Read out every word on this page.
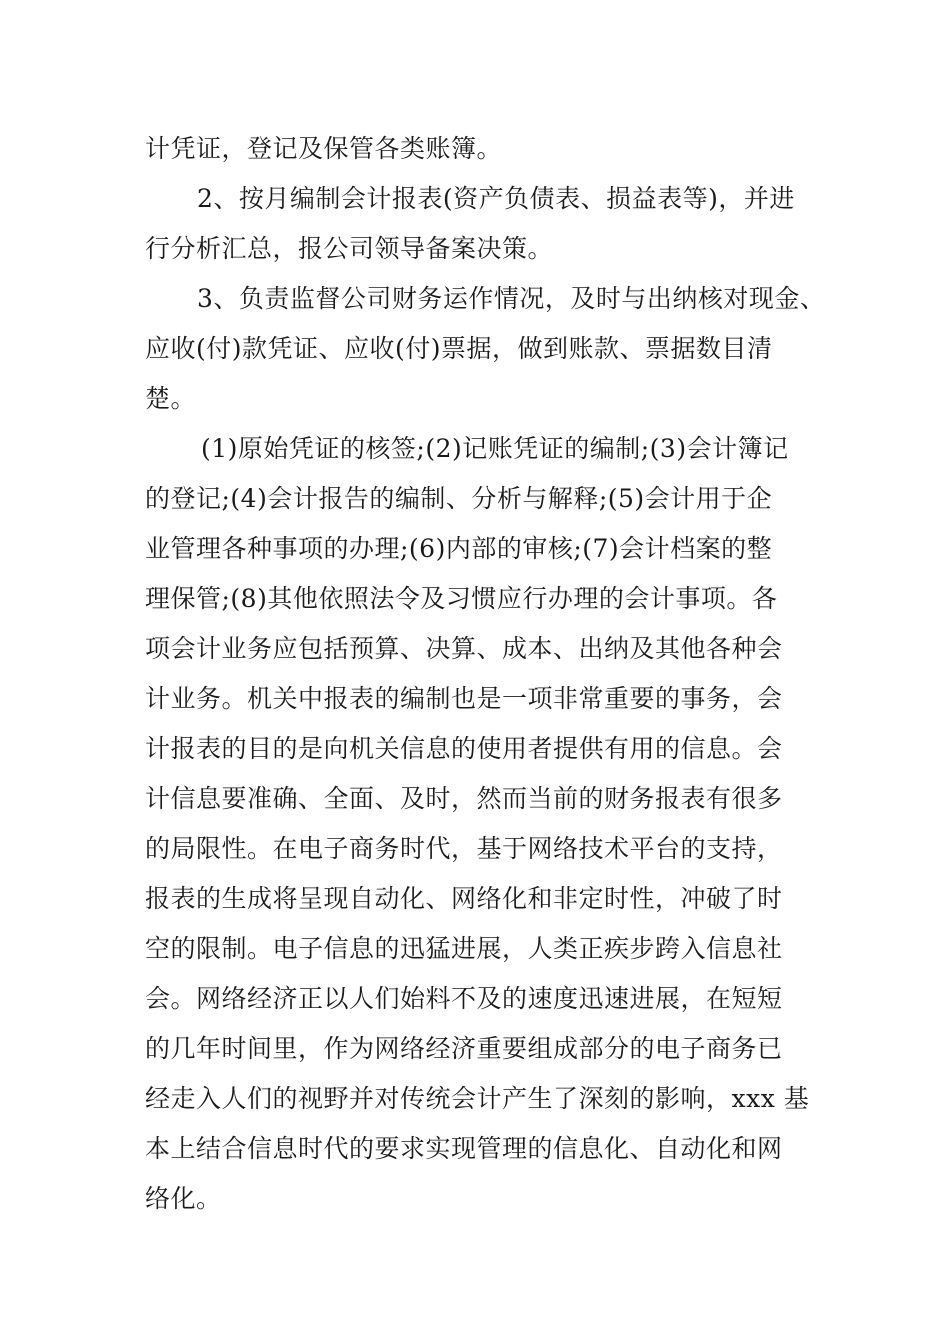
计凭证，登记及保管各类账簿。
2、按月编制会计报表(资产负债表、损益表等)，并进
行分析汇总，报公司领导备案决策。
3、负责监督公司财务运作情况，及时与出纳核对现金、
应收(付)款凭证、应收(付)票据，做到账款、票据数目清
楚。
(1)原始凭证的核签;(2)记账凭证的编制;(3)会计簿记
的登记;(4)会计报告的编制、分析与解释;(5)会计用于企
业管理各种事项的办理;(6)内部的审核;(7)会计档案的整
理保管;(8)其他依照法令及习惯应行办理的会计事项。各
项会计业务应包括预算、决算、成本、出纳及其他各种会
计业务。机关中报表的编制也是一项非常重要的事务，会
计报表的目的是向机关信息的使用者提供有用的信息。会
计信息要准确、全面、及时，然而当前的财务报表有很多
的局限性。在电子商务时代，基于网络技术平台的支持，
报表的生成将呈现自动化、网络化和非定时性，冲破了时
空的限制。电子信息的迅猛进展，人类正疾步跨入信息社
会。网络经济正以人们始料不及的速度迅速进展，在短短
的几年时间里，作为网络经济重要组成部分的电子商务已
经走入人们的视野并对传统会计产生了深刻的影响，xxx 基
本上结合信息时代的要求实现管理的信息化、自动化和网
络化。
